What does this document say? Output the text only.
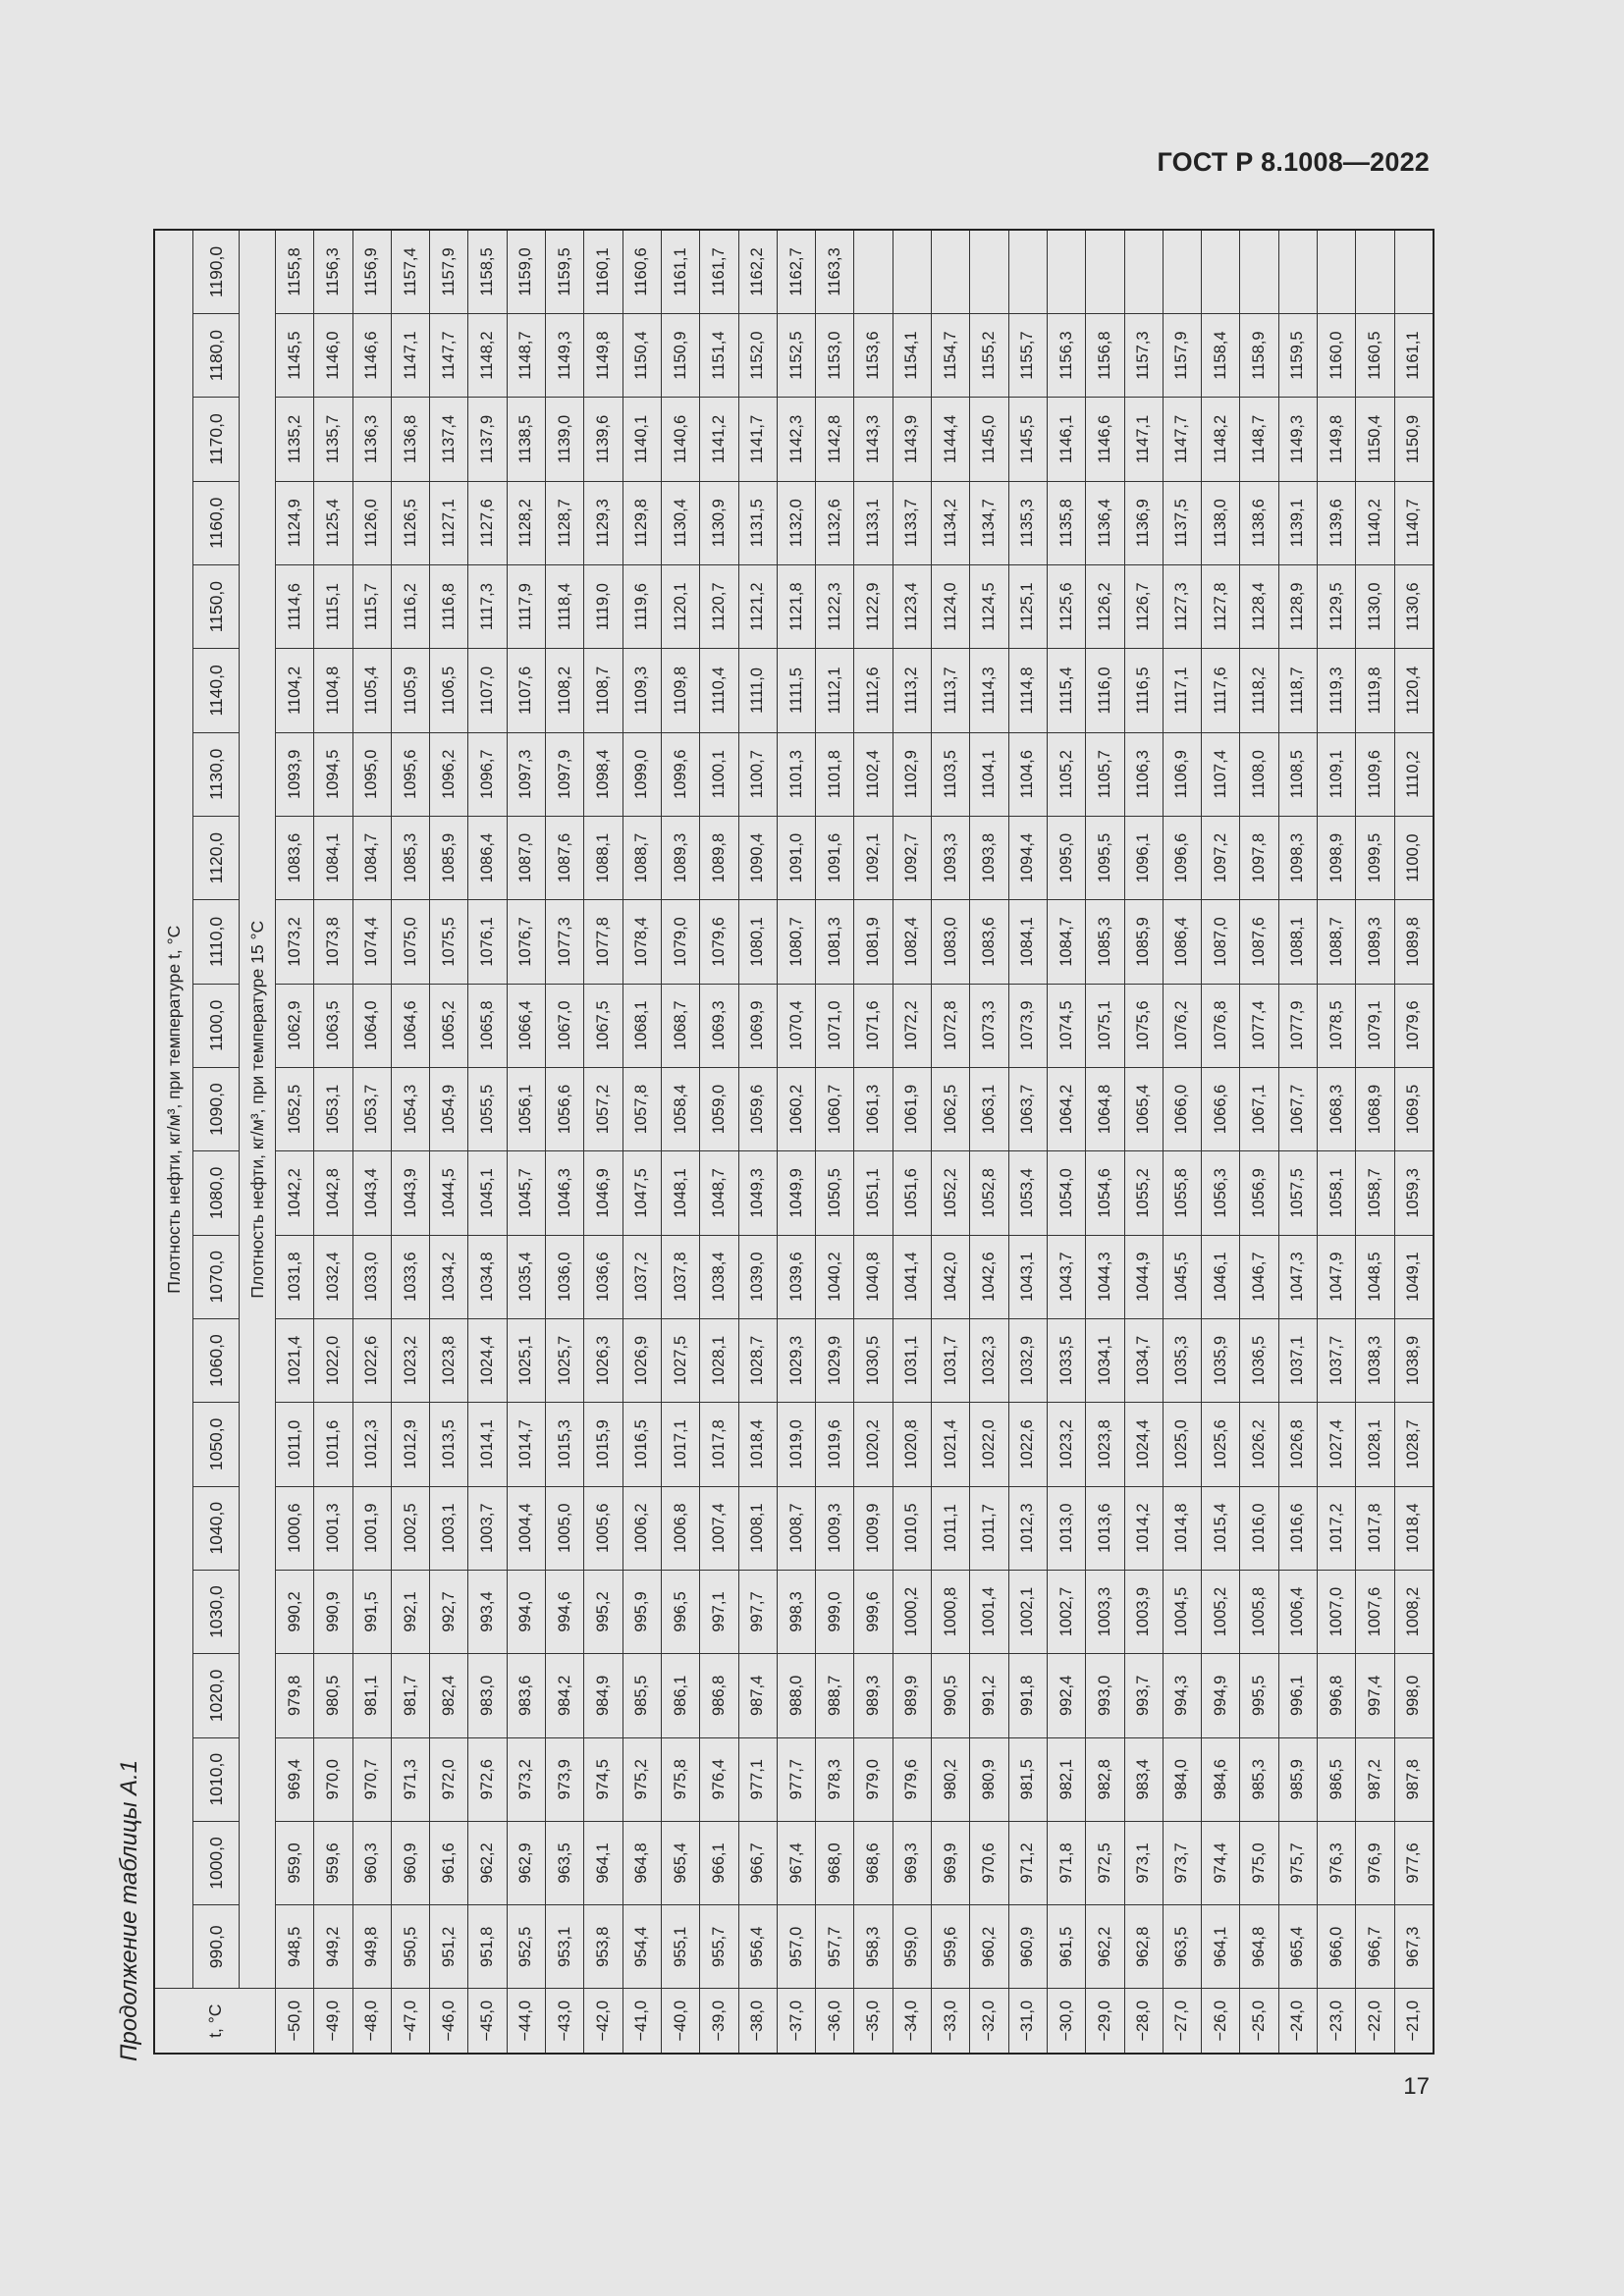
ГОСТ Р 8.1008—2022
Продолжение таблицы А.1	t, °C	Плотность нефти, кг/м³, при температуре t, °C																				
	990,0	1000,0	1010,0	1020,0	1030,0	1040,0	1050,0	1060,0	1070,0	1080,0	1090,0	1100,0	1110,0	1120,0	1130,0	1140,0	1150,0	1160,0	1170,0	1180,0	1190,0
	Плотность нефти, кг/м³, при температуре 15 °C																				
−50,0	948,5	959,0	969,4	979,8	990,2	1000,6	1011,0	1021,4	1031,8	1042,2	1052,5	1062,9	1073,2	1083,6	1093,9	1104,2	1114,6	1124,9	1135,2	1145,5	1155,8
−49,0	949,2	959,6	970,0	980,5	990,9	1001,3	1011,6	1022,0	1032,4	1042,8	1053,1	1063,5	1073,8	1084,1	1094,5	1104,8	1115,1	1125,4	1135,7	1146,0	1156,3
−48,0	949,8	960,3	970,7	981,1	991,5	1001,9	1012,3	1022,6	1033,0	1043,4	1053,7	1064,0	1074,4	1084,7	1095,0	1105,4	1115,7	1126,0	1136,3	1146,6	1156,9
−47,0	950,5	960,9	971,3	981,7	992,1	1002,5	1012,9	1023,2	1033,6	1043,9	1054,3	1064,6	1075,0	1085,3	1095,6	1105,9	1116,2	1126,5	1136,8	1147,1	1157,4
−46,0	951,2	961,6	972,0	982,4	992,7	1003,1	1013,5	1023,8	1034,2	1044,5	1054,9	1065,2	1075,5	1085,9	1096,2	1106,5	1116,8	1127,1	1137,4	1147,7	1157,9
−45,0	951,8	962,2	972,6	983,0	993,4	1003,7	1014,1	1024,4	1034,8	1045,1	1055,5	1065,8	1076,1	1086,4	1096,7	1107,0	1117,3	1127,6	1137,9	1148,2	1158,5
−44,0	952,5	962,9	973,2	983,6	994,0	1004,4	1014,7	1025,1	1035,4	1045,7	1056,1	1066,4	1076,7	1087,0	1097,3	1107,6	1117,9	1128,2	1138,5	1148,7	1159,0
−43,0	953,1	963,5	973,9	984,2	994,6	1005,0	1015,3	1025,7	1036,0	1046,3	1056,6	1067,0	1077,3	1087,6	1097,9	1108,2	1118,4	1128,7	1139,0	1149,3	1159,5
−42,0	953,8	964,1	974,5	984,9	995,2	1005,6	1015,9	1026,3	1036,6	1046,9	1057,2	1067,5	1077,8	1088,1	1098,4	1108,7	1119,0	1129,3	1139,6	1149,8	1160,1
−41,0	954,4	964,8	975,2	985,5	995,9	1006,2	1016,5	1026,9	1037,2	1047,5	1057,8	1068,1	1078,4	1088,7	1099,0	1109,3	1119,6	1129,8	1140,1	1150,4	1160,6
−40,0	955,1	965,4	975,8	986,1	996,5	1006,8	1017,1	1027,5	1037,8	1048,1	1058,4	1068,7	1079,0	1089,3	1099,6	1109,8	1120,1	1130,4	1140,6	1150,9	1161,1
−39,0	955,7	966,1	976,4	986,8	997,1	1007,4	1017,8	1028,1	1038,4	1048,7	1059,0	1069,3	1079,6	1089,8	1100,1	1110,4	1120,7	1130,9	1141,2	1151,4	1161,7
−38,0	956,4	966,7	977,1	987,4	997,7	1008,1	1018,4	1028,7	1039,0	1049,3	1059,6	1069,9	1080,1	1090,4	1100,7	1111,0	1121,2	1131,5	1141,7	1152,0	1162,2
−37,0	957,0	967,4	977,7	988,0	998,3	1008,7	1019,0	1029,3	1039,6	1049,9	1060,2	1070,4	1080,7	1091,0	1101,3	1111,5	1121,8	1132,0	1142,3	1152,5	1162,7
−36,0	957,7	968,0	978,3	988,7	999,0	1009,3	1019,6	1029,9	1040,2	1050,5	1060,7	1071,0	1081,3	1091,6	1101,8	1112,1	1122,3	1132,6	1142,8	1153,0	1163,3
−35,0	958,3	968,6	979,0	989,3	999,6	1009,9	1020,2	1030,5	1040,8	1051,1	1061,3	1071,6	1081,9	1092,1	1102,4	1112,6	1122,9	1133,1	1143,3	1153,6	
−34,0	959,0	969,3	979,6	989,9	1000,2	1010,5	1020,8	1031,1	1041,4	1051,6	1061,9	1072,2	1082,4	1092,7	1102,9	1113,2	1123,4	1133,7	1143,9	1154,1	
−33,0	959,6	969,9	980,2	990,5	1000,8	1011,1	1021,4	1031,7	1042,0	1052,2	1062,5	1072,8	1083,0	1093,3	1103,5	1113,7	1124,0	1134,2	1144,4	1154,7	
−32,0	960,2	970,6	980,9	991,2	1001,4	1011,7	1022,0	1032,3	1042,6	1052,8	1063,1	1073,3	1083,6	1093,8	1104,1	1114,3	1124,5	1134,7	1145,0	1155,2	
−31,0	960,9	971,2	981,5	991,8	1002,1	1012,3	1022,6	1032,9	1043,1	1053,4	1063,7	1073,9	1084,1	1094,4	1104,6	1114,8	1125,1	1135,3	1145,5	1155,7	
−30,0	961,5	971,8	982,1	992,4	1002,7	1013,0	1023,2	1033,5	1043,7	1054,0	1064,2	1074,5	1084,7	1095,0	1105,2	1115,4	1125,6	1135,8	1146,1	1156,3	
−29,0	962,2	972,5	982,8	993,0	1003,3	1013,6	1023,8	1034,1	1044,3	1054,6	1064,8	1075,1	1085,3	1095,5	1105,7	1116,0	1126,2	1136,4	1146,6	1156,8	
−28,0	962,8	973,1	983,4	993,7	1003,9	1014,2	1024,4	1034,7	1044,9	1055,2	1065,4	1075,6	1085,9	1096,1	1106,3	1116,5	1126,7	1136,9	1147,1	1157,3	
−27,0	963,5	973,7	984,0	994,3	1004,5	1014,8	1025,0	1035,3	1045,5	1055,8	1066,0	1076,2	1086,4	1096,6	1106,9	1117,1	1127,3	1137,5	1147,7	1157,9	
−26,0	964,1	974,4	984,6	994,9	1005,2	1015,4	1025,6	1035,9	1046,1	1056,3	1066,6	1076,8	1087,0	1097,2	1107,4	1117,6	1127,8	1138,0	1148,2	1158,4	
−25,0	964,8	975,0	985,3	995,5	1005,8	1016,0	1026,2	1036,5	1046,7	1056,9	1067,1	1077,4	1087,6	1097,8	1108,0	1118,2	1128,4	1138,6	1148,7	1158,9	
−24,0	965,4	975,7	985,9	996,1	1006,4	1016,6	1026,8	1037,1	1047,3	1057,5	1067,7	1077,9	1088,1	1098,3	1108,5	1118,7	1128,9	1139,1	1149,3	1159,5	
−23,0	966,0	976,3	986,5	996,8	1007,0	1017,2	1027,4	1037,7	1047,9	1058,1	1068,3	1078,5	1088,7	1098,9	1109,1	1119,3	1129,5	1139,6	1149,8	1160,0	
−22,0	966,7	976,9	987,2	997,4	1007,6	1017,8	1028,1	1038,3	1048,5	1058,7	1068,9	1079,1	1089,3	1099,5	1109,6	1119,8	1130,0	1140,2	1150,4	1160,5	
−21,0	967,3	977,6	987,8	998,0	1008,2	1018,4	1028,7	1038,9	1049,1	1059,3	1069,5	1079,6	1089,8	1100,0	1110,2	1120,4	1130,6	1140,7	1150,9	1161,1	
17
